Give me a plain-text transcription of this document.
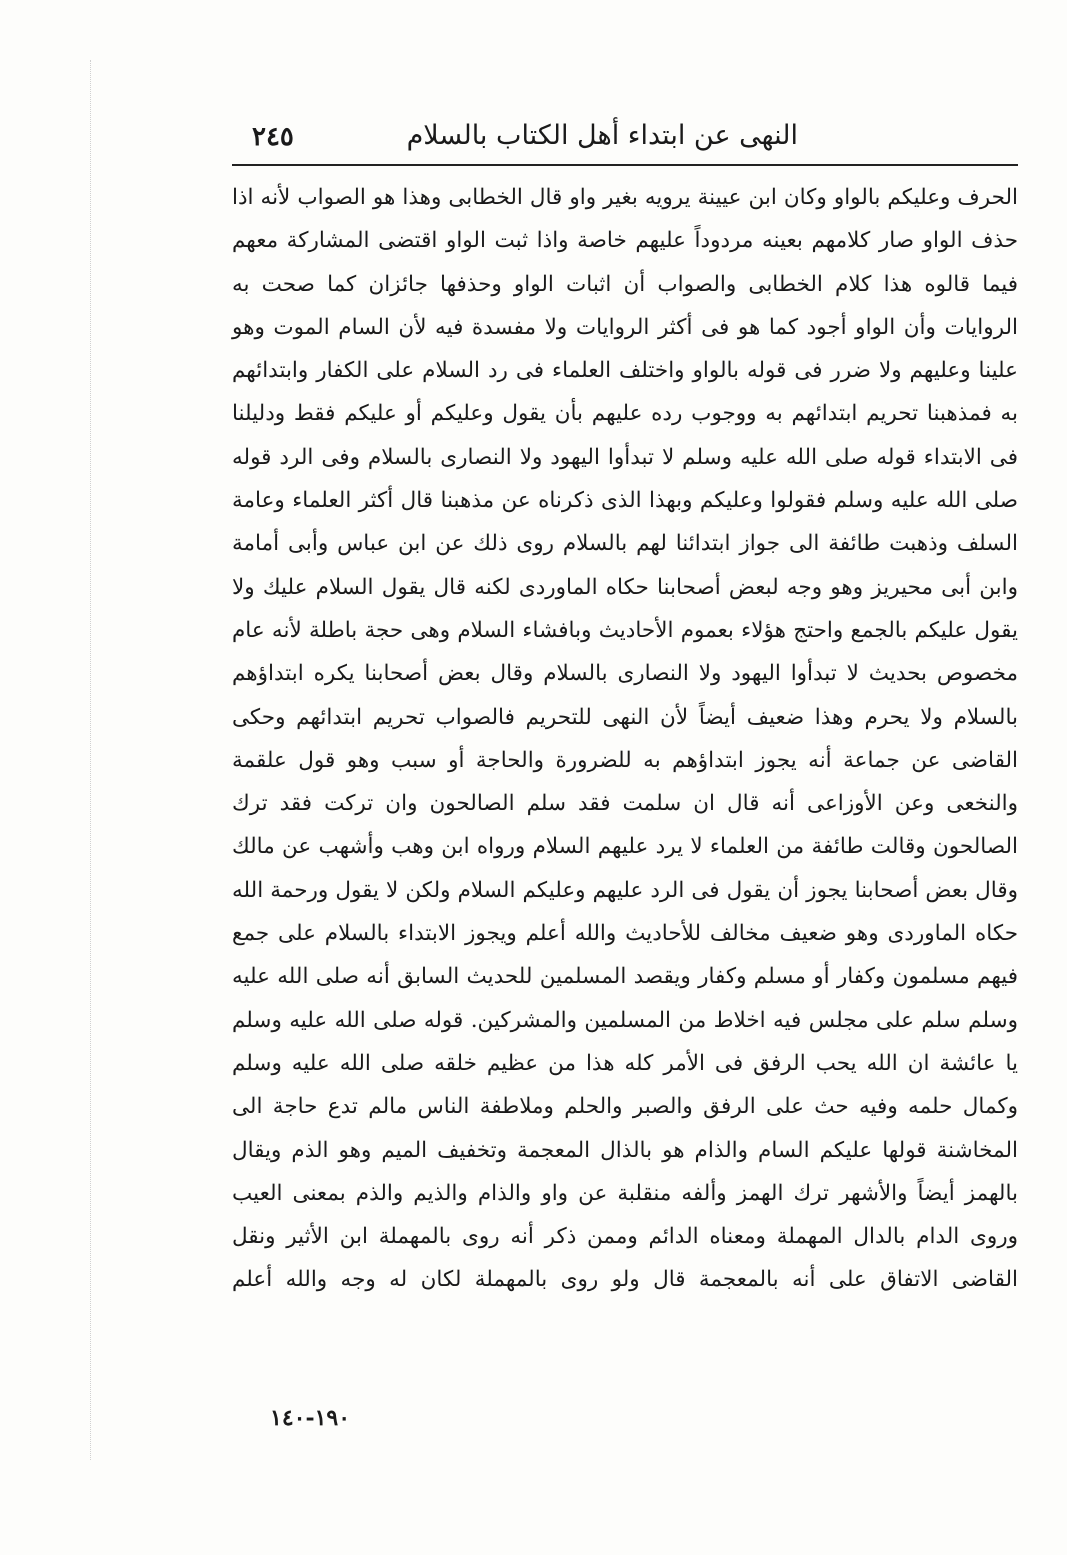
٢٤٥	النهى عن ابتداء أهل الكتاب بالسلام

الحرف وعليكم بالواو وكان ابن عيينة يرويه بغير واو قال الخطابى وهذا هو الصواب لأنه اذا حذف الواو صار كلامهم بعينه مردوداً عليهم خاصة واذا ثبت الواو اقتضى المشاركة معهم فيما قالوه هذا كلام الخطابى والصواب أن اثبات الواو وحذفها جائزان كما صحت به الروايات وأن الواو أجود كما هو فى أكثر الروايات ولا مفسدة فيه لأن السام الموت وهو علينا وعليهم ولا ضرر فى قوله بالواو واختلف العلماء فى رد السلام على الكفار وابتدائهم به فمذهبنا تحريم ابتدائهم به ووجوب رده عليهم بأن يقول وعليكم أو عليكم فقط ودليلنا فى الابتداء قوله صلى الله عليه وسلم لا تبدأوا اليهود ولا النصارى بالسلام وفى الرد قوله صلى الله عليه وسلم فقولوا وعليكم وبهذا الذى ذكرناه عن مذهبنا قال أكثر العلماء وعامة السلف وذهبت طائفة الى جواز ابتدائنا لهم بالسلام روى ذلك عن ابن عباس وأبى أمامة وابن أبى محيريز وهو وجه لبعض أصحابنا حكاه الماوردى لكنه قال يقول السلام عليك ولا يقول عليكم بالجمع واحتج هؤلاء بعموم الأحاديث وبافشاء السلام وهى حجة باطلة لأنه عام مخصوص بحديث لا تبدأوا اليهود ولا النصارى بالسلام وقال بعض أصحابنا يكره ابتداؤهم بالسلام ولا يحرم وهذا ضعيف أيضاً لأن النهى للتحريم فالصواب تحريم ابتدائهم وحكى القاضى عن جماعة أنه يجوز ابتداؤهم به للضرورة والحاجة أو سبب وهو قول علقمة والنخعى وعن الأوزاعى أنه قال ان سلمت فقد سلم الصالحون وان تركت فقد ترك الصالحون وقالت طائفة من العلماء لا يرد عليهم السلام ورواه ابن وهب وأشهب عن مالك وقال بعض أصحابنا يجوز أن يقول فى الرد عليهم وعليكم السلام ولكن لا يقول ورحمة الله حكاه الماوردى وهو ضعيف مخالف للأحاديث والله أعلم ويجوز الابتداء بالسلام على جمع فيهم مسلمون وكفار أو مسلم وكفار ويقصد المسلمين للحديث السابق أنه صلى الله عليه وسلم سلم على مجلس فيه اخلاط من المسلمين والمشركين. قوله صلى الله عليه وسلم يا عائشة ان الله يحب الرفق فى الأمر كله هذا من عظيم خلقه صلى الله عليه وسلم وكمال حلمه وفيه حث على الرفق والصبر والحلم وملاطفة الناس مالم تدع حاجة الى المخاشنة قولها عليكم السام والذام هو بالذال المعجمة وتخفيف الميم وهو الذم ويقال بالهمز أيضاً والأشهر ترك الهمز وألفه منقلبة عن واو والذام والذيم والذم بمعنى العيب وروى الدام بالدال المهملة ومعناه الدائم وممن ذكر أنه روى بالمهملة ابن الأثير ونقل القاضى الاتفاق على أنه بالمعجمة قال ولو روى بالمهملة لكان له وجه والله أعلم

١٩٠-١٤٠
